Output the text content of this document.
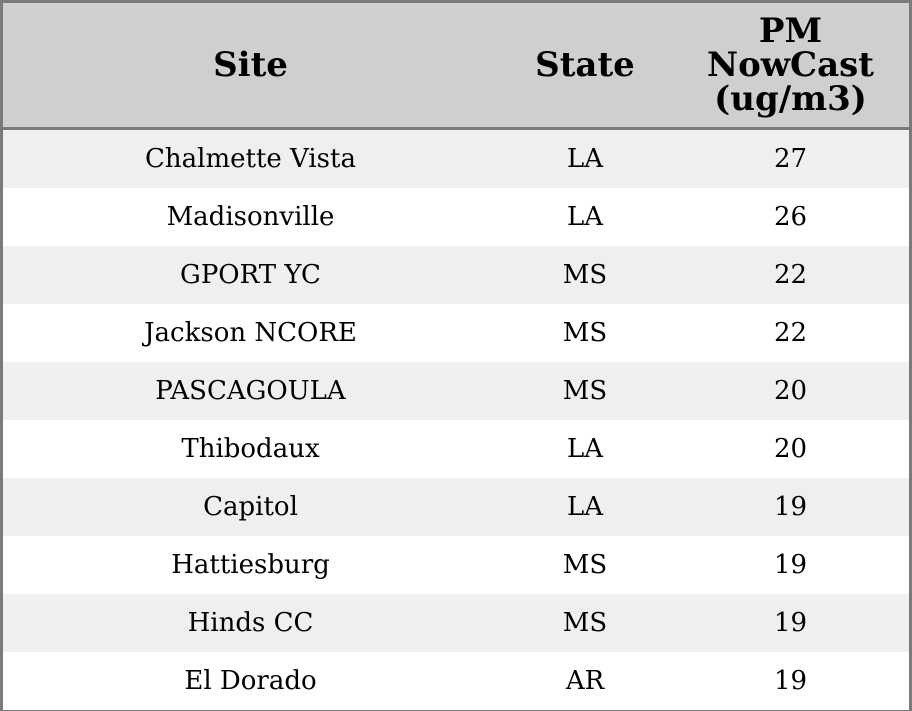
Site	State	PM
NowCast
(ug/m3)

Chalmette Vista	LA	27
Madisonville	LA	26
GPORT YC	MS	22
Jackson NCORE	MS	22
PASCAGOULA	MS	20
Thibodaux	LA	20
Capitol	LA	19
Hattiesburg	MS	19
Hinds CC	MS	19
El Dorado	AR	19
